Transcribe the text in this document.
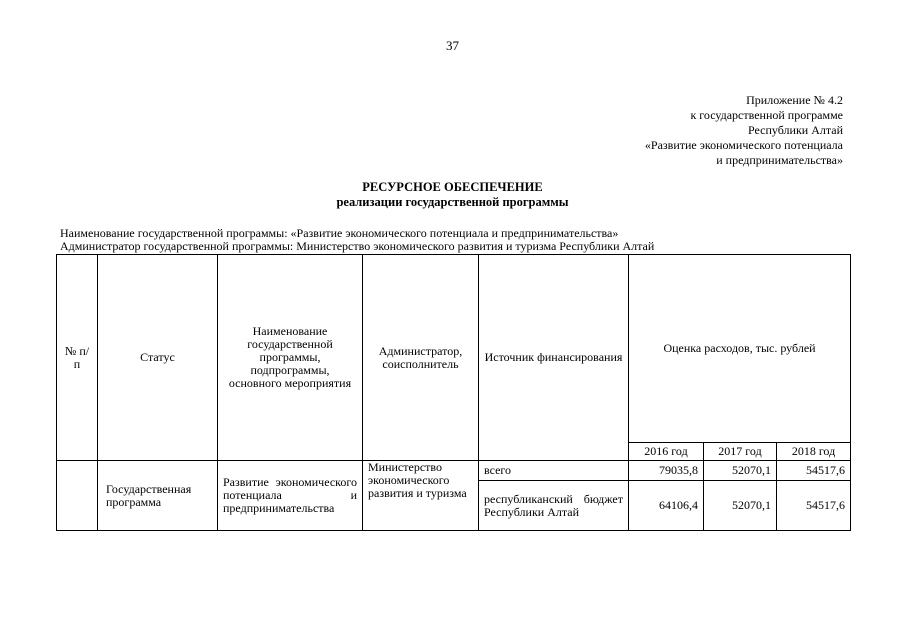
37
Приложение № 4.2
к государственной программе
Республики Алтай
«Развитие экономического потенциала
и предпринимательства»
РЕСУРСНОЕ ОБЕСПЕЧЕНИЕ
реализации государственной программы
Наименование государственной программы: «Развитие экономического потенциала и предпринимательства»
Администратор государственной программы: Министерство экономического развития и туризма Республики Алтай
№ п/п	Статус	Наименование государственной программы, подпрограммы, основного мероприятия	Администратор, соисполнитель	Источник финансирования	Оценка расходов, тыс. рублей		
					2016 год	2017 год	2018 год
	Государственная программа	Развитие экономического потенциала и предпринимательства	Министерство экономического развития и туризма	всего	79035,8	52070,1	54517,6
				республиканский бюджет Республики Алтай	64106,4	52070,1	54517,6
